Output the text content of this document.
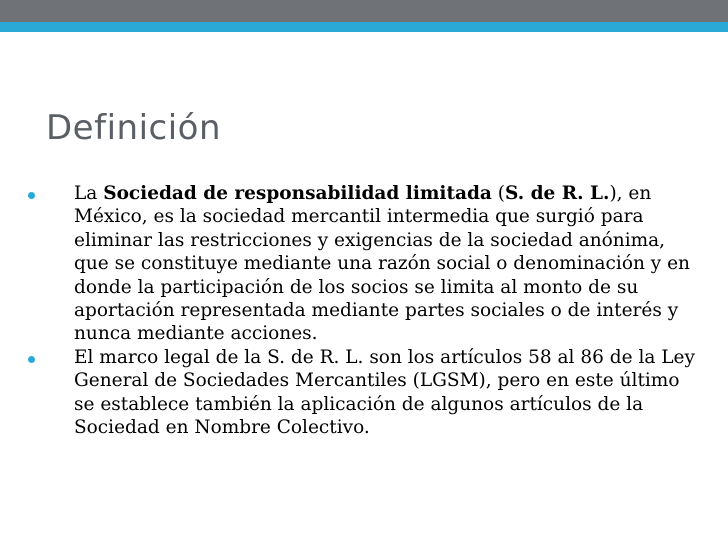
Definición
La Sociedad de responsabilidad limitada (S. de R. L.), en México, es la sociedad mercantil intermedia que surgió para eliminar las restricciones y exigencias de la sociedad anónima, que se constituye mediante una razón social o denominación y en donde la participación de los socios se limita al monto de su aportación representada mediante partes sociales o de interés y nunca mediante acciones.
El marco legal de la S. de R. L. son los artículos 58 al 86 de la Ley General de Sociedades Mercantiles (LGSM), pero en este último se establece también la aplicación de algunos artículos de la Sociedad en Nombre Colectivo.
